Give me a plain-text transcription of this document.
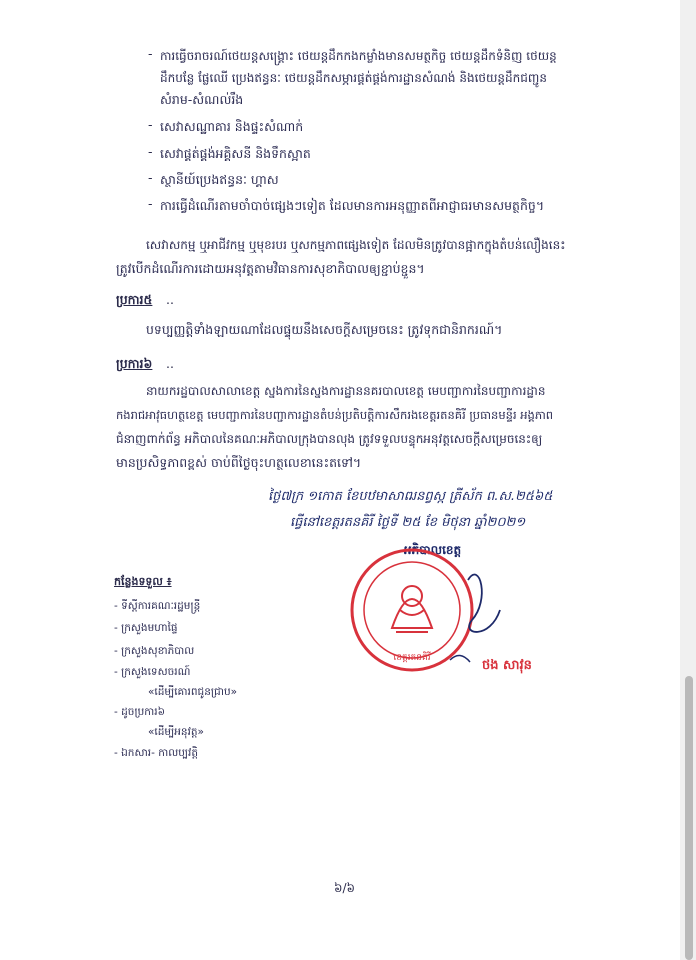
- ការធ្វើចរាចរណ៍ថេយន្តសង្គ្រោះ ថេយន្តដឹកកងកម្លាំងមានសមត្ថកិច្ច ថេយន្តដឹកទំនិញ ថេយន្ត
ដឹកបន្លែ ផ្លែឈើ ប្រេងឥន្ធនៈ ថេយន្តដឹកសម្ភារផ្គត់ផ្គង់ការដ្ឋានសំណង់ និងថេយន្តដឹកជញ្ជូន
សំរាម-សំណល់រឹង
- សេវាសណ្ឋាគារ និងផ្ទះសំណាក់
- សេវាផ្គត់ផ្គង់អគ្គិសនី និងទឹកស្អាត
- ស្ថានីយ៍ប្រេងឥន្ធនៈ ហ្គាស
- ការធ្វើដំណើរតាមចាំបាច់ផ្សេងៗទៀត ដែលមានការអនុញ្ញាតពីអាជ្ញាធរមានសមត្ថកិច្ច។
សេវាសកម្ម ឬអាជីវកម្ម ឬមុខរបរ ឬសកម្មភាពផ្សេងទៀត ដែលមិនត្រូវបានផ្អាកក្នុងតំបន់លឿងនេះ
ត្រូវបើកដំណើរការដោយអនុវត្តតាមវិធានការសុខាភិបាលឲ្យខ្ជាប់ខ្ជួន។
ប្រការ៥ ..
បទប្បញ្ញត្តិទាំងឡាយណាដែលផ្ទុយនឹងសេចក្ដីសម្រេចនេះ ត្រូវទុកជានិរាករណ៍។
ប្រការ៦ ..
នាយករដ្ឋបាលសាលាខេត្ត ស្នងការនៃស្នងការដ្ឋាននគរបាលខេត្ត មេបញ្ជាការនៃបញ្ជាការដ្ឋាន
កងរាជអាវុធហត្ថខេត្ត មេបញ្ជាការនៃបញ្ជាការដ្ឋានតំបន់ប្រតិបត្តិការសឹករងខេត្តរតនគិរី ប្រធានមន្ទីរ អង្គភាព
ជំនាញពាក់ព័ន្ធ អភិបាលនៃគណៈអភិបាលក្រុងបានលុង ត្រូវទទួលបន្ទុកអនុវត្តសេចក្ដីសម្រេចនេះឲ្យ
មានប្រសិទ្ធភាពខ្ពស់ ចាប់ពីថ្ងៃចុះហត្ថលេខានេះតទៅ។
ថ្ងៃ៧ក្រ ១កោត ខែបឋមាសាឍនព្វស្ក ត្រីស័ក ព.ស.២៥៦៥
ធ្វើនៅខេត្តរតនគិរី ថ្ងៃទី ២៥ ខែ មិថុនា ឆ្នាំ២០២១
អភិបាលខេត្ត
ខេត្តរតនគិរី	ថង សាវុន
កន្លែងទទួល ៖
- ទីស្ដីការគណៈរដ្ឋមន្ត្រី
- ក្រសួងមហាផ្ទៃ
- ក្រសួងសុខាភិបាល
- ក្រសួងទេសចរណ៍
«ដើម្បីគោរពជូនជ្រាប»
- ដូចប្រការ៦
«ដើម្បីអនុវត្ត»
- ឯកសារ- កាលប្បវត្តិ
៦/៦
